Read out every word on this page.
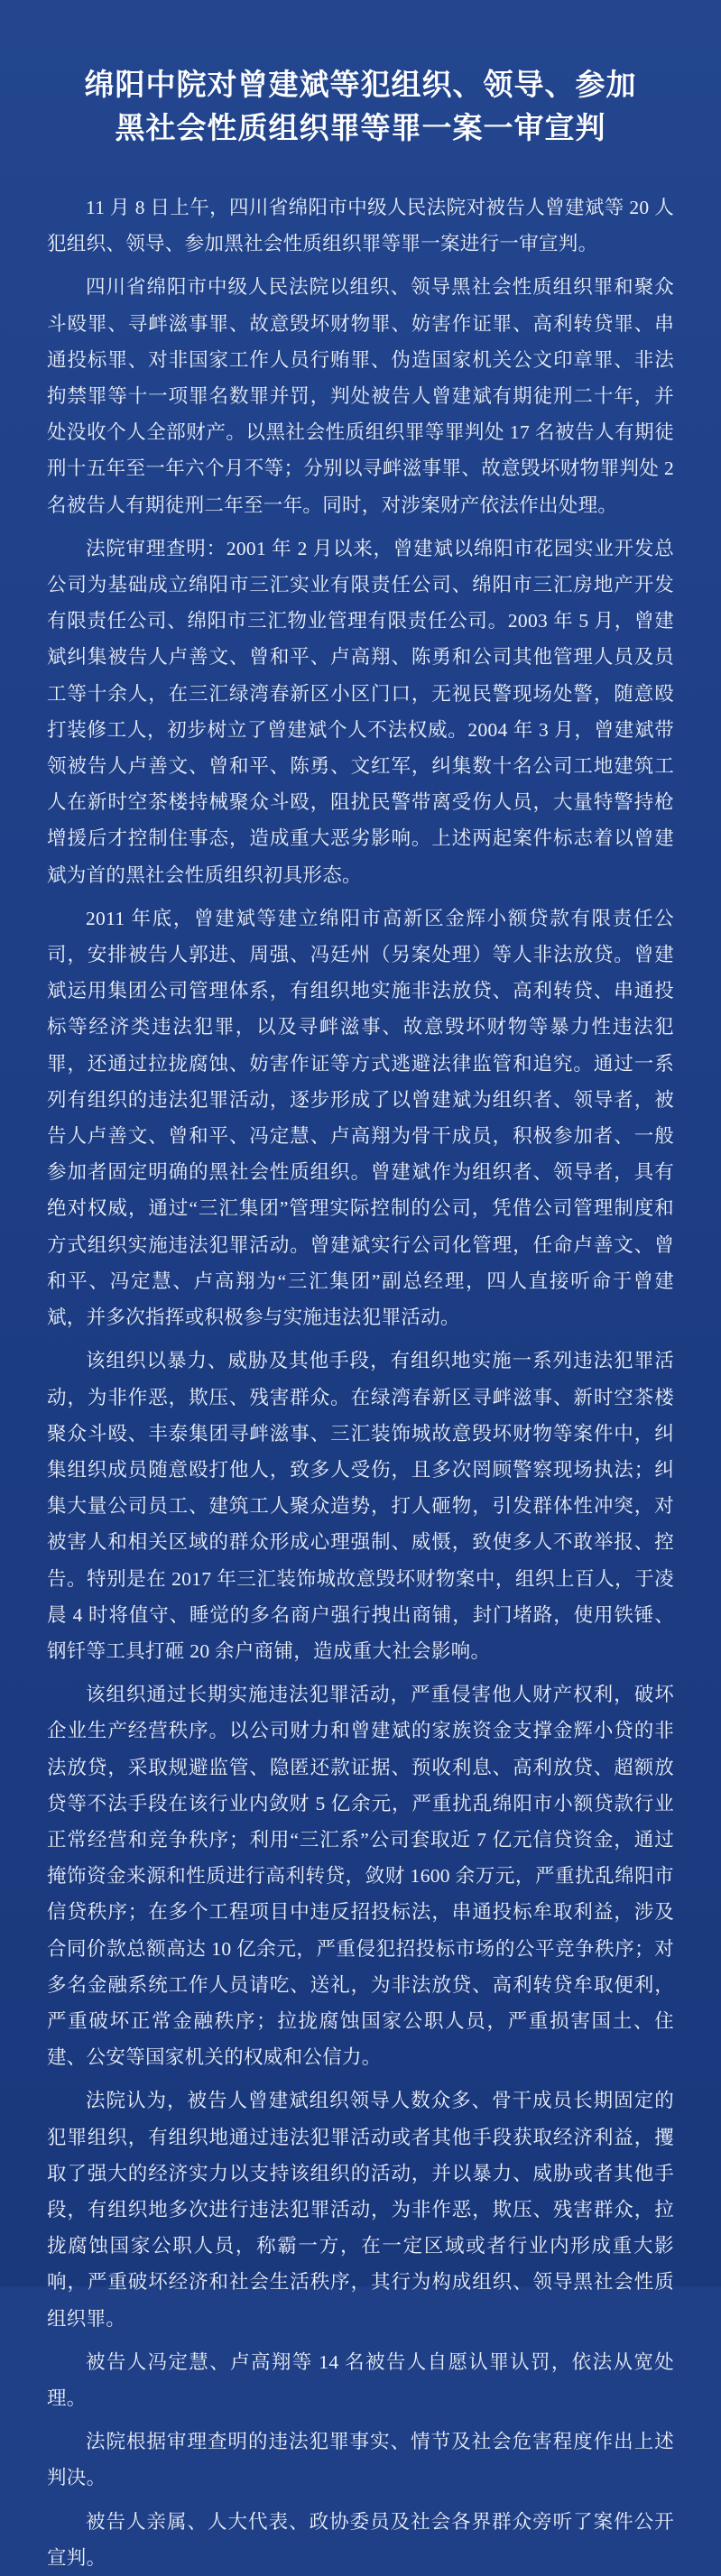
绵阳中院对曾建斌等犯组织、领导、参加
黑社会性质组织罪等罪一案一审宣判

11 月 8 日上午，四川省绵阳市中级人民法院对被告人曾建斌等 20 人犯组织、领导、参加黑社会性质组织罪等罪一案进行一审宣判。

四川省绵阳市中级人民法院以组织、领导黑社会性质组织罪和聚众斗殴罪、寻衅滋事罪、故意毁坏财物罪、妨害作证罪、高利转贷罪、串通投标罪、对非国家工作人员行贿罪、伪造国家机关公文印章罪、非法拘禁罪等十一项罪名数罪并罚，判处被告人曾建斌有期徒刑二十年，并处没收个人全部财产。以黑社会性质组织罪等罪判处 17 名被告人有期徒刑十五年至一年六个月不等；分别以寻衅滋事罪、故意毁坏财物罪判处 2 名被告人有期徒刑二年至一年。同时，对涉案财产依法作出处理。

法院审理查明：2001 年 2 月以来，曾建斌以绵阳市花园实业开发总公司为基础成立绵阳市三汇实业有限责任公司、绵阳市三汇房地产开发有限责任公司、绵阳市三汇物业管理有限责任公司。2003 年 5 月，曾建斌纠集被告人卢善文、曾和平、卢高翔、陈勇和公司其他管理人员及员工等十余人，在三汇绿湾春新区小区门口，无视民警现场处警，随意殴打装修工人，初步树立了曾建斌个人不法权威。2004 年 3 月，曾建斌带领被告人卢善文、曾和平、陈勇、文红军，纠集数十名公司工地建筑工人在新时空茶楼持械聚众斗殴，阻扰民警带离受伤人员，大量特警持枪增援后才控制住事态，造成重大恶劣影响。上述两起案件标志着以曾建斌为首的黑社会性质组织初具形态。

2011 年底，曾建斌等建立绵阳市高新区金辉小额贷款有限责任公司，安排被告人郭进、周强、冯廷州（另案处理）等人非法放贷。曾建斌运用集团公司管理体系，有组织地实施非法放贷、高利转贷、串通投标等经济类违法犯罪，以及寻衅滋事、故意毁坏财物等暴力性违法犯罪，还通过拉拢腐蚀、妨害作证等方式逃避法律监管和追究。通过一系列有组织的违法犯罪活动，逐步形成了以曾建斌为组织者、领导者，被告人卢善文、曾和平、冯定慧、卢高翔为骨干成员，积极参加者、一般参加者固定明确的黑社会性质组织。曾建斌作为组织者、领导者，具有绝对权威，通过“三汇集团”管理实际控制的公司，凭借公司管理制度和方式组织实施违法犯罪活动。曾建斌实行公司化管理，任命卢善文、曾和平、冯定慧、卢高翔为“三汇集团”副总经理，四人直接听命于曾建斌，并多次指挥或积极参与实施违法犯罪活动。

该组织以暴力、威胁及其他手段，有组织地实施一系列违法犯罪活动，为非作恶，欺压、残害群众。在绿湾春新区寻衅滋事、新时空茶楼聚众斗殴、丰泰集团寻衅滋事、三汇装饰城故意毁坏财物等案件中，纠集组织成员随意殴打他人，致多人受伤，且多次罔顾警察现场执法；纠集大量公司员工、建筑工人聚众造势，打人砸物，引发群体性冲突，对被害人和相关区域的群众形成心理强制、威慑，致使多人不敢举报、控告。特别是在 2017 年三汇装饰城故意毁坏财物案中，组织上百人，于凌晨 4 时将值守、睡觉的多名商户强行拽出商铺，封门堵路，使用铁锤、钢钎等工具打砸 20 余户商铺，造成重大社会影响。

该组织通过长期实施违法犯罪活动，严重侵害他人财产权利，破坏企业生产经营秩序。以公司财力和曾建斌的家族资金支撑金辉小贷的非法放贷，采取规避监管、隐匿还款证据、预收利息、高利放贷、超额放贷等不法手段在该行业内敛财 5 亿余元，严重扰乱绵阳市小额贷款行业正常经营和竞争秩序；利用“三汇系”公司套取近 7 亿元信贷资金，通过掩饰资金来源和性质进行高利转贷，敛财 1600 余万元，严重扰乱绵阳市信贷秩序；在多个工程项目中违反招投标法，串通投标牟取利益，涉及合同价款总额高达 10 亿余元，严重侵犯招投标市场的公平竞争秩序；对多名金融系统工作人员请吃、送礼，为非法放贷、高利转贷牟取便利，严重破坏正常金融秩序；拉拢腐蚀国家公职人员，严重损害国土、住建、公安等国家机关的权威和公信力。

法院认为，被告人曾建斌组织领导人数众多、骨干成员长期固定的犯罪组织，有组织地通过违法犯罪活动或者其他手段获取经济利益，攫取了强大的经济实力以支持该组织的活动，并以暴力、威胁或者其他手段，有组织地多次进行违法犯罪活动，为非作恶，欺压、残害群众，拉拢腐蚀国家公职人员，称霸一方，在一定区域或者行业内形成重大影响，严重破坏经济和社会生活秩序，其行为构成组织、领导黑社会性质组织罪。

被告人冯定慧、卢高翔等 14 名被告人自愿认罪认罚，依法从宽处理。

法院根据审理查明的违法犯罪事实、情节及社会危害程度作出上述判决。

被告人亲属、人大代表、政协委员及社会各界群众旁听了案件公开宣判。
